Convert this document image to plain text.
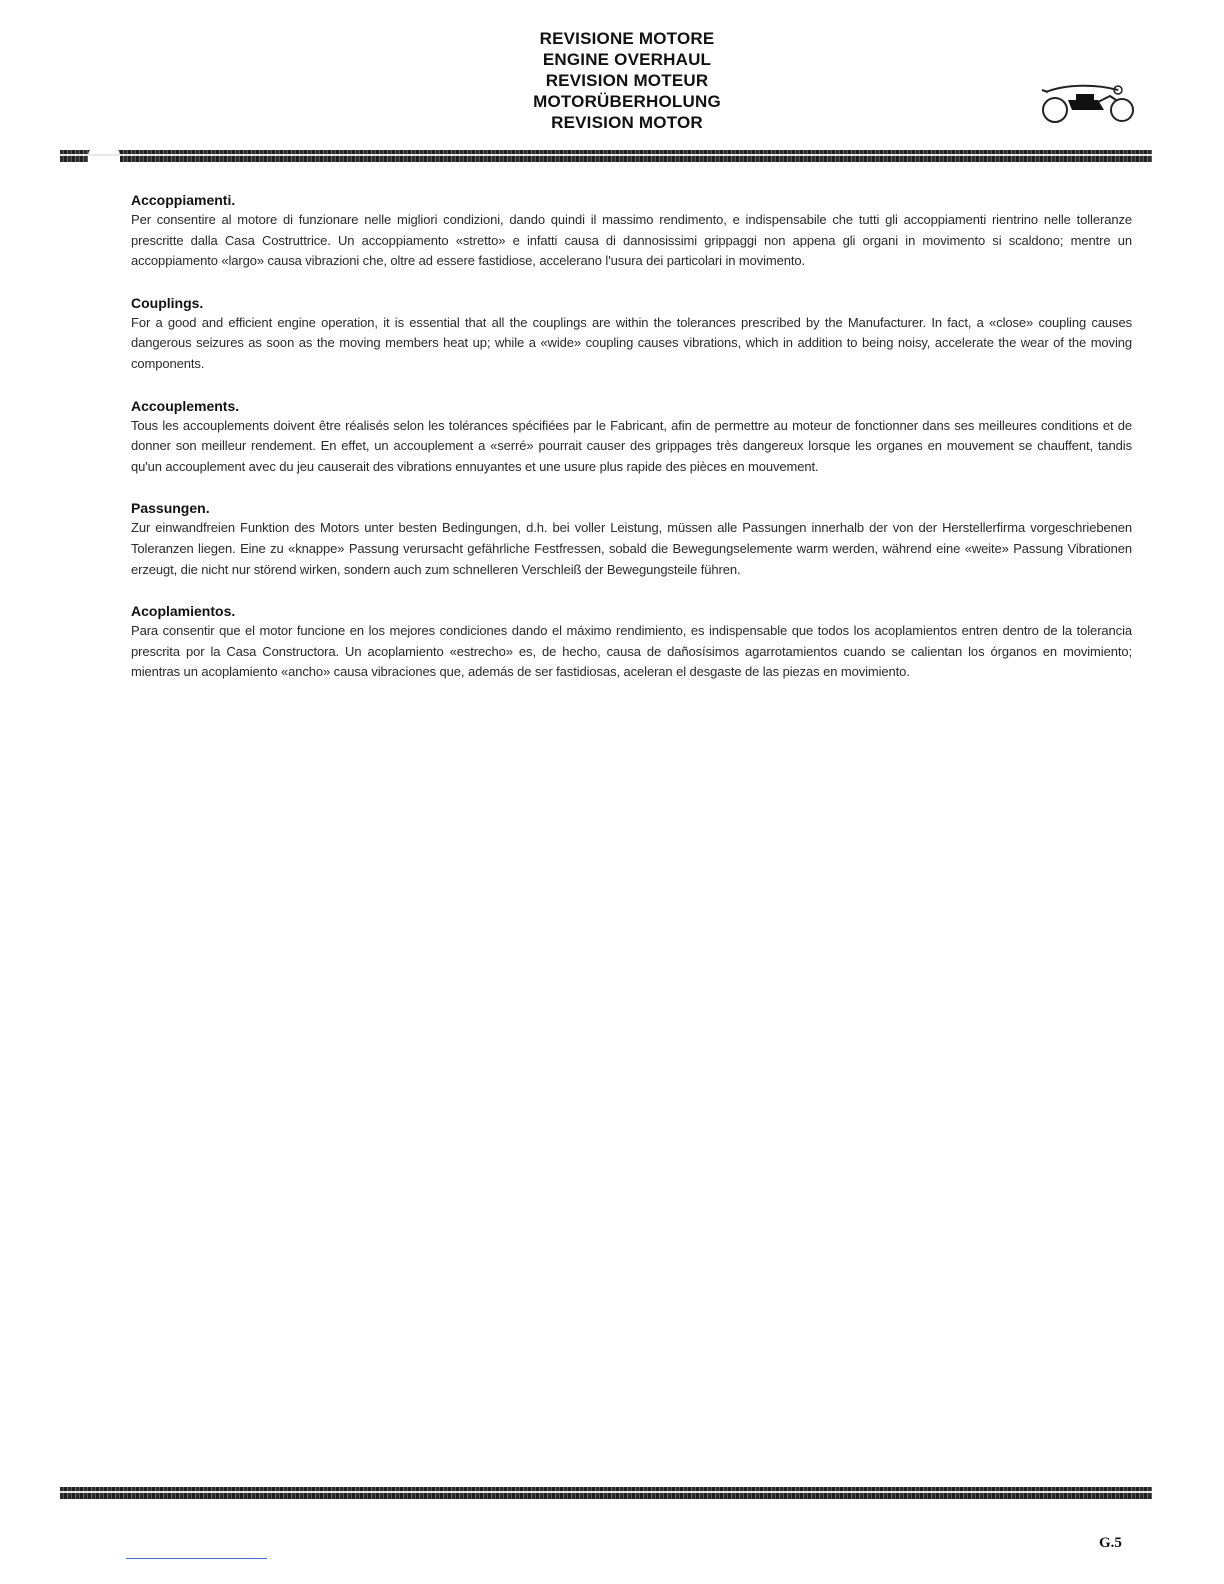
REVISIONE MOTORE
ENGINE OVERHAUL
REVISION MOTEUR
MOTORÜBERHOLUNG
REVISION MOTOR
Accoppiamenti.

Per consentire al motore di funzionare nelle migliori condizioni, dando quindi il massimo rendimento, e indispensabile che tutti gli accoppiamenti rientrino nelle tolleranze prescritte dalla Casa Costruttrice. Un accoppiamento «stretto» e infatti causa di dannosissimi grippaggi non appena gli organi in movimento si scaldono; mentre un accoppiamento «largo» causa vibrazioni che, oltre ad essere fastidiose, accelerano l'usura dei particolari in movimento.

Couplings.

For a good and efficient engine operation, it is essential that all the couplings are within the tolerances prescribed by the Manufacturer. In fact, a «close» coupling causes dangerous seizures as soon as the moving members heat up; while a «wide» coupling causes vibrations, which in addition to being noisy, accelerate the wear of the moving components.

Accouplements.

Tous les accouplements doivent être réalisés selon les tolérances spécifiées par le Fabricant, afin de permettre au moteur de fonctionner dans ses meilleures conditions et de donner son meilleur rendement. En effet, un accouplement a «serré» pourrait causer des grippages très dangereux lorsque les organes en mouvement se chauffent, tandis qu'un accouplement avec du jeu causerait des vibrations ennuyantes et une usure plus rapide des pièces en mouvement.

Passungen.

Zur einwandfreien Funktion des Motors unter besten Bedingungen, d.h. bei voller Leistung, müssen alle Passungen innerhalb der von der Herstellerfirma vorgeschriebenen Toleranzen liegen. Eine zu «knappe» Passung verursacht gefährliche Festfressen, sobald die Bewegungselemente warm werden, während eine «weite» Passung Vibrationen erzeugt, die nicht nur störend wirken, sondern auch zum schnelleren Verschleiß der Bewegungsteile führen.

Acoplamientos.

Para consentir que el motor funcione en los mejores condiciones dando el máximo rendimiento, es indispensable que todos los acoplamientos entren dentro de la tolerancia prescrita por la Casa Constructora. Un acoplamiento «estrecho» es, de hecho, causa de dañosísimos agarrotamientos cuando se calientan los órganos en movimiento; mientras un acoplamiento «ancho» causa vibraciones que, además de ser fastidiosas, aceleran el desgaste de las piezas en movimiento.

G.5
